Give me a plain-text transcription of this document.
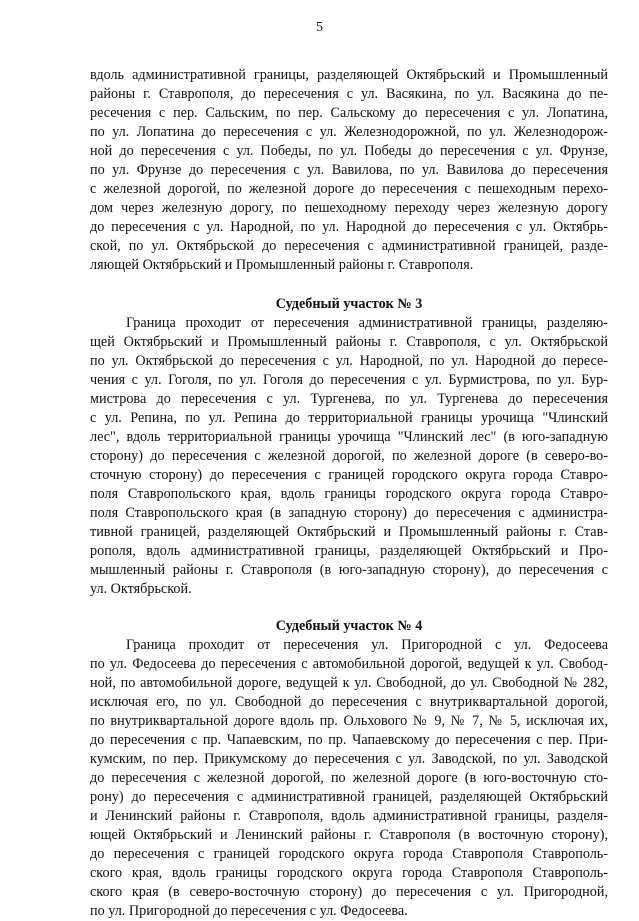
5
вдоль административной границы, разделяющей Октябрьский и Промышленный
районы г. Ставрополя, до пересечения с ул. Васякина, по ул. Васякина до пе-
ресечения с пер. Сальским, по пер. Сальскому до пересечения с ул. Лопатина,
по ул. Лопатина до пересечения с ул. Железнодорожной, по ул. Железнодорож-
ной до пересечения с ул. Победы, по ул. Победы до пересечения с ул. Фрунзе,
по ул. Фрунзе до пересечения с ул. Вавилова, по ул. Вавилова до пересечения
с железной дорогой, по железной дороге до пересечения с пешеходным перехо-
дом через железную дорогу, по пешеходному переходу через железную дорогу
до пересечения с ул. Народной, по ул. Народной до пересечения с ул. Октябрь-
ской, по ул. Октябрьской до пересечения с административной границей, разде-
ляющей Октябрьский и Промышленный районы г. Ставрополя.
Судебный участок № 3
Граница проходит от пересечения административной границы, разделяю-
щей Октябрьский и Промышленный районы г. Ставрополя, с ул. Октябрьской
по ул. Октябрьской до пересечения с ул. Народной, по ул. Народной до пересе-
чения с ул. Гоголя, по ул. Гоголя до пересечения с ул. Бурмистрова, по ул. Бур-
мистрова до пересечения с ул. Тургенева, по ул. Тургенева до пересечения
с ул. Репина, по ул. Репина до территориальной границы урочища "Члинский
лес", вдоль территориальной границы урочища "Члинский лес" (в юго-западную
сторону) до пересечения с железной дорогой, по железной дороге (в северо-во-
сточную сторону) до пересечения с границей городского округа города Ставро-
поля Ставропольского края, вдоль границы городского округа города Ставро-
поля Ставропольского края (в западную сторону) до пересечения с администра-
тивной границей, разделяющей Октябрьский и Промышленный районы г. Став-
рополя, вдоль административной границы, разделяющей Октябрьский и Про-
мышленный районы г. Ставрополя (в юго-западную сторону), до пересечения с
ул. Октябрьской.
Судебный участок № 4
Граница проходит от пересечения ул. Пригородной с ул. Федосеева
по ул. Федосеева до пересечения с автомобильной дорогой, ведущей к ул. Свобод-
ной, по автомобильной дороге, ведущей к ул. Свободной, до ул. Свободной № 282,
исключая его, по ул. Свободной до пересечения с внутриквартальной дорогой,
по внутриквартальной дороге вдоль пр. Ольхового № 9, № 7, № 5, исключая их,
до пересечения с пр. Чапаевским, по пр. Чапаевскому до пересечения с пер. При-
кумским, по пер. Прикумскому до пересечения с ул. Заводской, по ул. Заводской
до пересечения с железной дорогой, по железной дороге (в юго-восточную сто-
рону) до пересечения с административной границей, разделяющей Октябрьский
и Ленинский районы г. Ставрополя, вдоль административной границы, разделя-
ющей Октябрьский и Ленинский районы г. Ставрополя (в восточную сторону),
до пересечения с границей городского округа города Ставрополя Ставрополь-
ского края, вдоль границы городского округа города Ставрополя Ставрополь-
ского края (в северо-восточную сторону) до пересечения с ул. Пригородной,
по ул. Пригородной до пересечения с ул. Федосеева.
